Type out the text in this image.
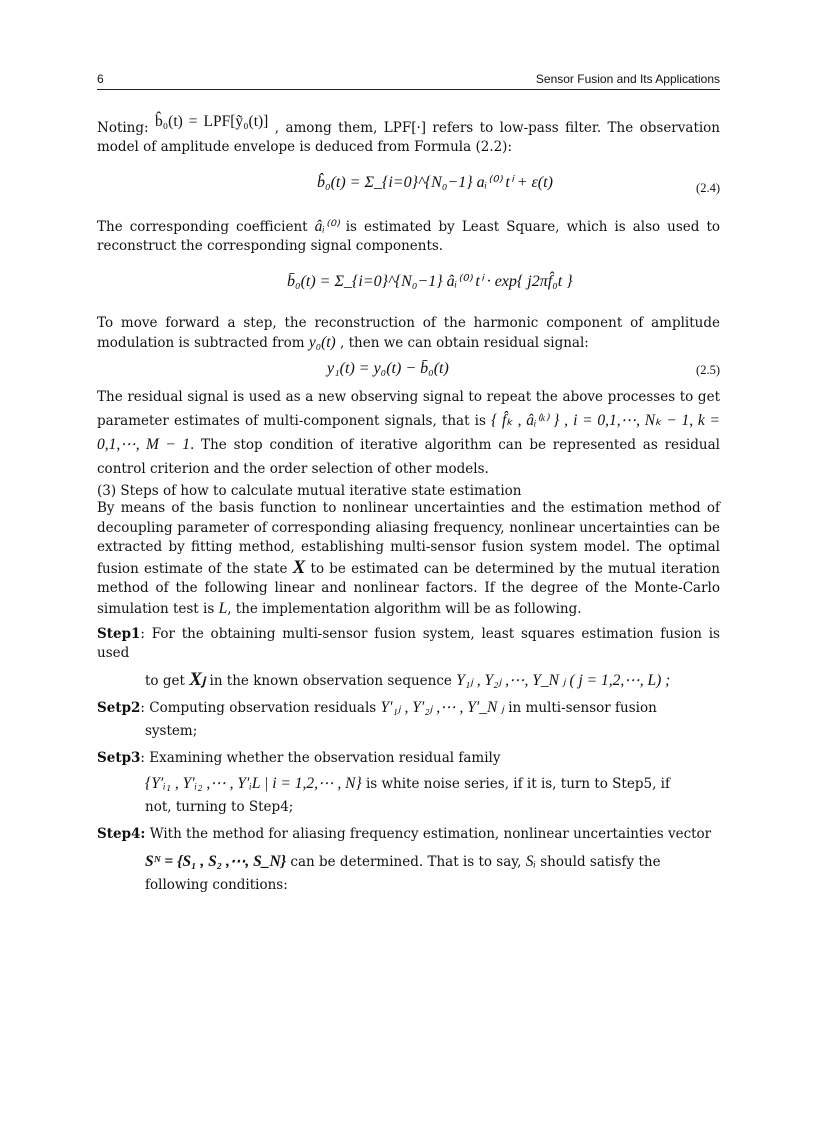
6	Sensor Fusion and Its Applications

Noting: b̂₀(t) = LPF[ỹ₀(t)] , among them, LPF[·] refers to low-pass filter. The observation model of amplitude envelope is deduced from Formula (2.2):

b̂₀(t) = Σ_{i=0}^{N₀−1} aᵢ⁽⁰⁾ tⁱ + ε(t)	(2.4)

The corresponding coefficient âᵢ⁽⁰⁾ is estimated by Least Square, which is also used to reconstruct the corresponding signal components.

b̄₀(t) = Σ_{i=0}^{N₀−1} âᵢ⁽⁰⁾ tⁱ · exp{ j2πf̂₀t }

To move forward a step, the reconstruction of the harmonic component of amplitude modulation is subtracted from y₀(t) , then we can obtain residual signal:

y₁(t) = y₀(t) − b̄₀(t)	(2.5)

The residual signal is used as a new observing signal to repeat the above processes to get parameter estimates of multi-component signals, that is { f̂ₖ , âᵢ⁽ᵏ⁾ } , i = 0,1,⋯, Nₖ − 1, k = 0,1,⋯, M − 1. The stop condition of iterative algorithm can be represented as residual control criterion and the order selection of other models.

(3) Steps of how to calculate mutual iterative state estimation

By means of the basis function to nonlinear uncertainties and the estimation method of decoupling parameter of corresponding aliasing frequency, nonlinear uncertainties can be extracted by fitting method, establishing multi-sensor fusion system model. The optimal fusion estimate of the state X to be estimated can be determined by the mutual iteration method of the following linear and nonlinear factors. If the degree of the Monte-Carlo simulation test is L, the implementation algorithm will be as following.

Step1: For the obtaining multi-sensor fusion system, least squares estimation fusion is used

to get Xⱼ in the known observation sequence Y₁ⱼ , Y₂ⱼ ,⋯, Y_N ⱼ ( j = 1,2,⋯, L) ;

Setp2: Computing observation residuals Y′₁ⱼ , Y′₂ⱼ ,⋯ , Y′_N ⱼ in multi-sensor fusion

system;

Setp3: Examining whether the observation residual family

{Y′ᵢ₁ , Y′ᵢ₂ ,⋯ , Y′ᵢL | i = 1,2,⋯ , N} is white noise series, if it is, turn to Step5, if

not, turning to Step4;

Step4: With the method for aliasing frequency estimation, nonlinear uncertainties vector

Sᴺ = {S₁ , S₂ ,⋯, S_N} can be determined. That is to say, Sᵢ should satisfy the

following conditions:
